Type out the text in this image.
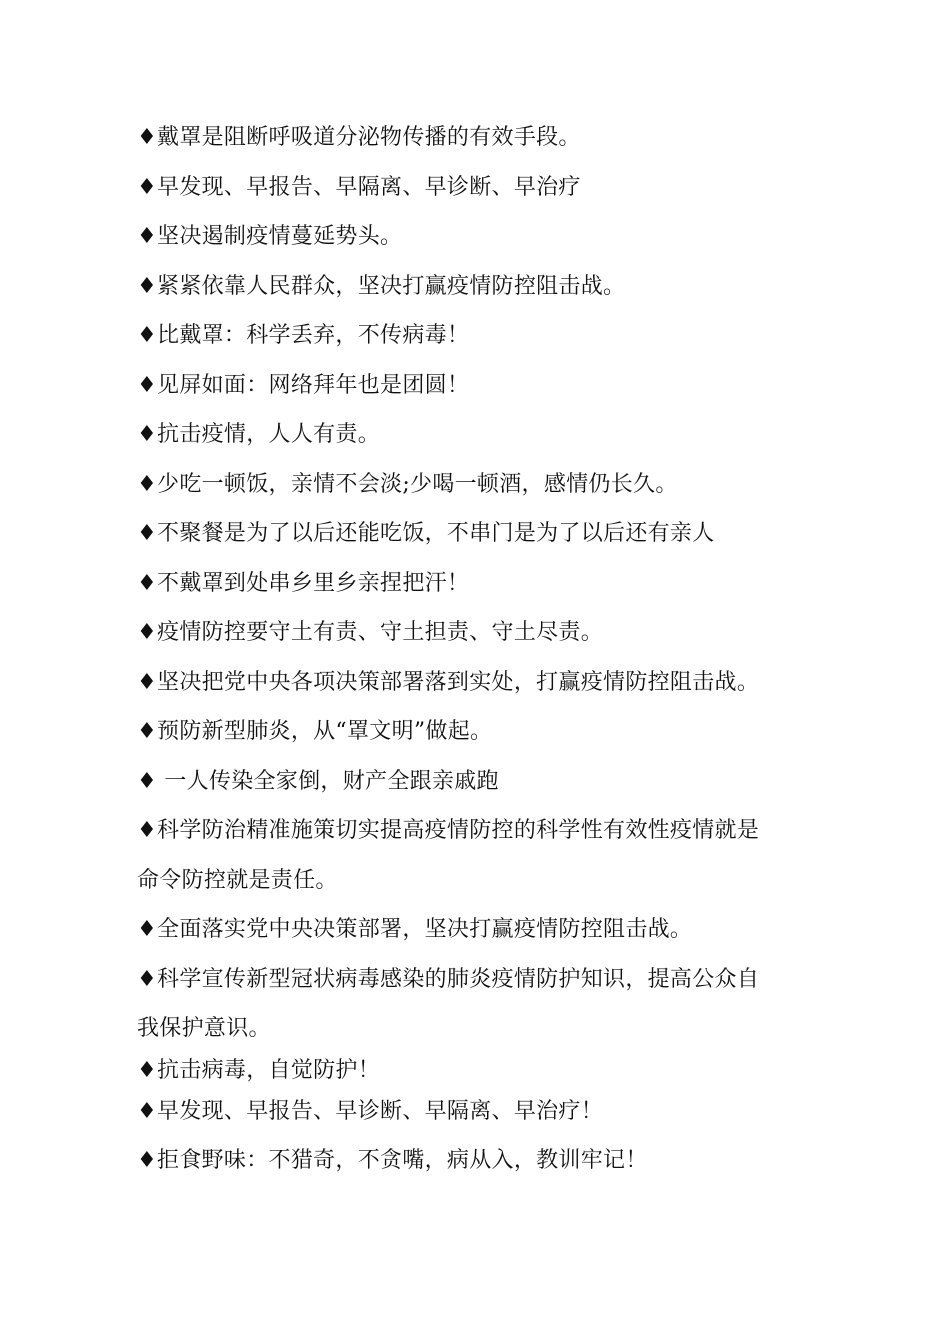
♦戴罩是阻断呼吸道分泌物传播的有效手段。
♦早发现、早报告、早隔离、早诊断、早治疗
♦坚决遏制疫情蔓延势头。
♦紧紧依靠人民群众，坚决打赢疫情防控阻击战。
♦比戴罩：科学丢弃，不传病毒！
♦见屏如面：网络拜年也是团圆！
♦抗击疫情，人人有责。
♦少吃一顿饭，亲情不会淡;少喝一顿酒，感情仍长久。
♦不聚餐是为了以后还能吃饭，不串门是为了以后还有亲人
♦不戴罩到处串乡里乡亲捏把汗！
♦疫情防控要守土有责、守土担责、守土尽责。
♦坚决把党中央各项决策部署落到实处，打赢疫情防控阻击战。
♦预防新型肺炎，从“罩文明”做起。
♦ 一人传染全家倒，财产全跟亲戚跑
♦科学防治精准施策切实提高疫情防控的科学性有效性疫情就是
命令防控就是责任。
♦全面落实党中央决策部署，坚决打赢疫情防控阻击战。
♦科学宣传新型冠状病毒感染的肺炎疫情防护知识，提高公众自
我保护意识。
♦抗击病毒，自觉防护！
♦早发现、早报告、早诊断、早隔离、早治疗！
♦拒食野味：不猎奇，不贪嘴，病从入，教训牢记！
